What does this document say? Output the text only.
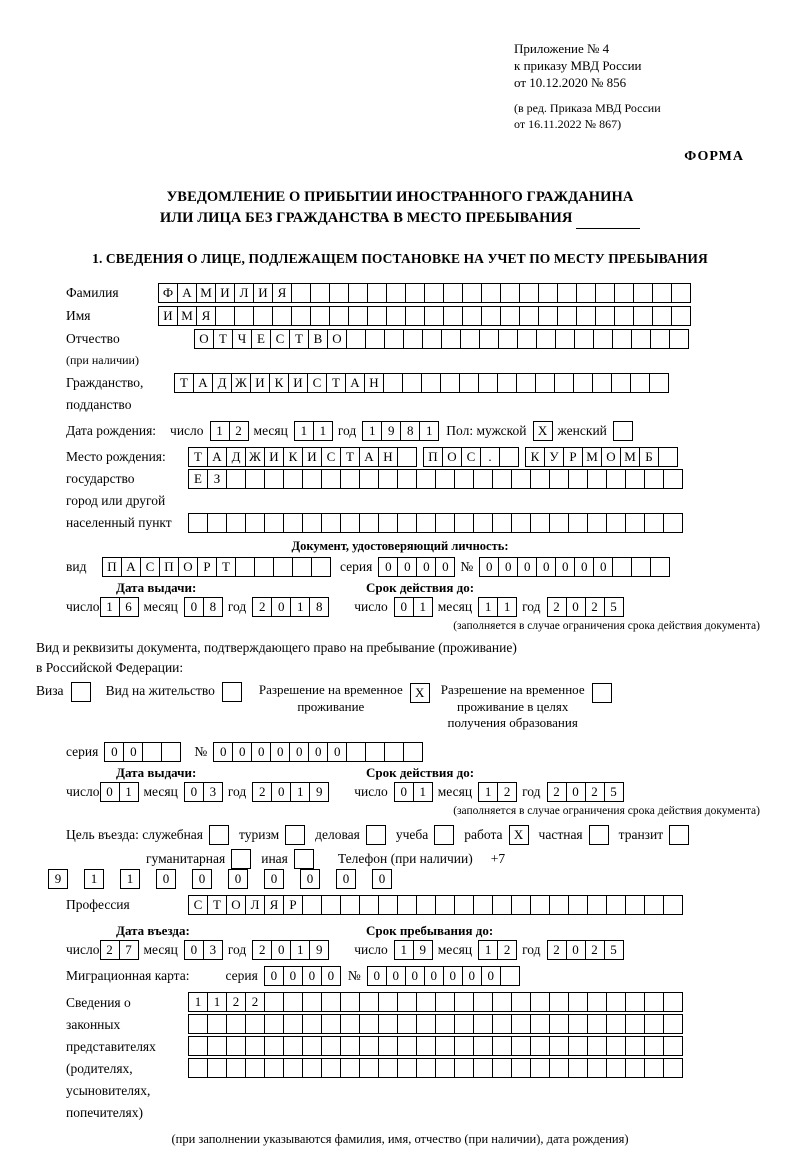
Приложение № 4
к приказу МВД России
от 10.12.2020 № 856
(в ред. Приказа МВД России
от 16.11.2022 № 867)
ФОРМА
УВЕДОМЛЕНИЕ О ПРИБЫТИИ ИНОСТРАННОГО ГРАЖДАНИНА
ИЛИ ЛИЦА БЕЗ ГРАЖДАНСТВА В МЕСТО ПРЕБЫВАНИЯ
1. СВЕДЕНИЯ О ЛИЦЕ, ПОДЛЕЖАЩЕМ ПОСТАНОВКЕ НА УЧЕТ ПО МЕСТУ ПРЕБЫВАНИЯ
Фамилия	Ф А М И Л И Я
Имя	И М Я
Отчество	О Т Ч Е С Т В О
(при наличии)
Гражданство,	Т А Д Ж И К И С Т А Н
подданство
Дата рождения: число 1 2 месяц 1 1 год 1 9 8 1	Пол: мужской Х женский
Место рождения:	Т А Д Ж И К И С Т А Н	П О С	.	К У Р М О М Б
государство	Е З
город или другой
населенный пункт
Документ, удостоверяющий личность:
вид	П А С П О Р Т	серия 0 0 0 0 № 0 0 0 0 0 0 0
Дата выдачи:	Срок действия до:
число 1 6 месяц 0 8 год 2 0 1 8	число 0 1 месяц 1 1 год 2 0 2 5
(заполняется в случае ограничения срока действия документа)
Вид и реквизиты документа, подтверждающего право на пребывание (проживание)
в Российской Федерации:
Виза	Вид на жительство	Разрешение на временное
проживание
Х	Разрешение на временное
проживание в целях
получения образования
серия 0 0	№ 0 0 0 0 0 0 0
Дата выдачи:	Срок действия до:
число 0 1 месяц 0 3 год 2 0 1 9	число 0 1 месяц 1 2 год 2 0 2 5
(заполняется в случае ограничения срока действия документа)
Цель въезда: служебная	туризм	деловая	учеба	работа Х	частная	транзит
гуманитарная	иная	Телефон (при наличии) +7
9	1	1	0	0	0	0	0	0	0
Профессия	С Т О Л Я Р
Дата въезда:	Срок пребывания до:
число 2 7 месяц 0 3 год 2 0 1 9	число 1 9 месяц 1 2 год 2 0 2 5
Миграционная карта:	серия 0 0 0 0	№ 0 0 0 0 0 0 0
Сведения о	1 1 2 2
законных
представителях
(родителях,
усыновителях,
попечителях)
(при заполнении указываются фамилия, имя, отчество (при наличии), дата рождения)
